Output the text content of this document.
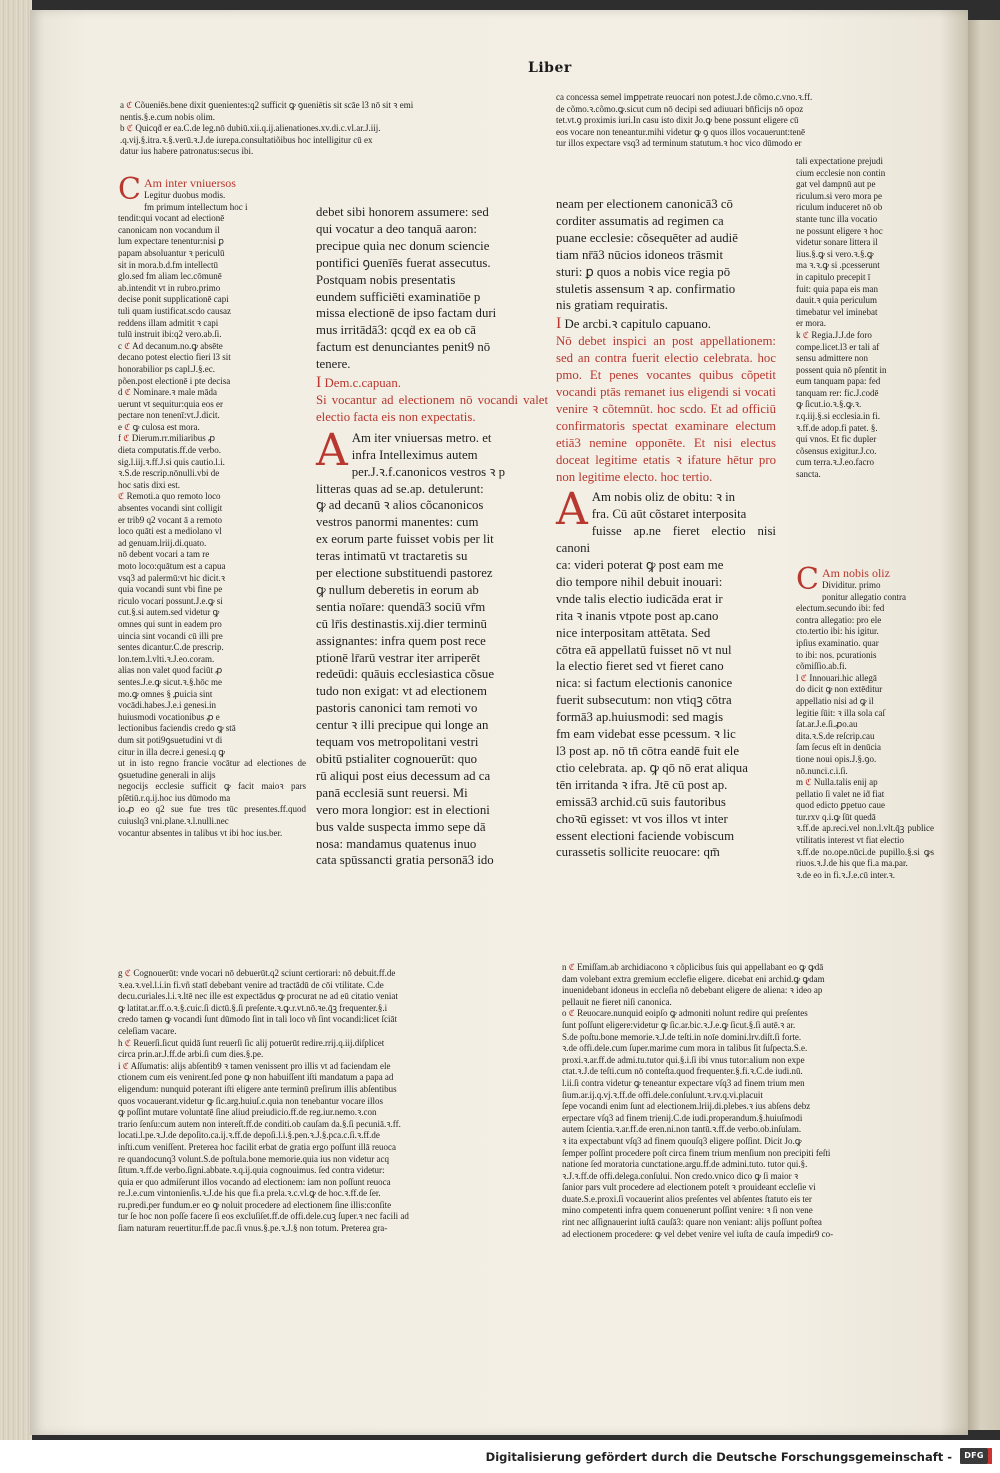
Liber

a ℭ Cõueniēs.bene dixit ꝯuenientes:q2 sufficit ꝙ ꝯueniētis sit scāe l3 nō sit ꝛ emi

nentis.§.e.cum nobis olim.

b ℭ Quicqḋ er ea.C.de leg.nō dubiū.xii.q.ij.alienationes.xv.di.c.vl.ar.J.iij.

.q.vij.§.itra.ꝛ.§.verū.ꝛ.J.de iurepa.consultatiõibus hoc intelligitur cū ex

datur ius habere patronatus:secus ibi.

ca concessa semel imꝑpetrate reuocari non potest.J.de cõmo.c.vno.ꝛ.ff.

de cõmo.ꝛ.cõmo.ꝙ.sicut cum nō decipi sed adiuuari bn̄ficijs nō opoz

tet.vt.ꝯ proximis iuri.In casu isto dixit Jo.ꝙ bene possunt eligere cū

eos vocare non teneantur.mihi videtur ꝙ ꝯ quos illos vocauerunt:tenē

tur illos expectare vsq3 ad terminum statutum.ꝛ hoc vico dūmodo er

C Am inter vniuersos

Legitur duobus modis.

fm primum intellectum hoc i

tendit:qui vocant ad electionē

canonicam non vocandum il

lum expectare tenentur:nisi ꝑ

papam absoluantur ꝛ periculū

sit in mora.b.d.fm intellectū

glo.sed fm aliam lec.cōmunē

ab.intendit vt in rubro.primo

decise ponit supplicationē capi

tuli quam iustificat.scdo causaz

reddens illam admitit ꝛ capi

tulū instruit ibi:q2 vero.ab.ſi.

c ℭ Ad decanum.no.ꝙ absēte

decano potest electio fieri l3 sit

honorabilior ps capl.J.§.ec.

põen.post electionē i pte decisa

d ℭ Nominare.ꝛ male māda

uerunt vt sequitur:quia eos er

pectare non tenenī:vt.J.dicit.

e ℭ ꝙ culosa est mora.

f ℭ Dierum.rr.miliaribus ꝓ

dieta computatis.ff.de verbo.

sig.l.iij.ꝛ.ff.J.si quis cautio.l.i.

ꝛ.S.de rescrip.nōnulli.vbi de

hoc satis dixi est.

ℭ Remoti.a quo remoto loco

absentes vocandi sint colligit

er trib9 q2 vocant ā a remoto

loco quāti est a mediolano vl

ad genuam.lriij.di.quato.

nō debent vocari a tam re

moto loco:quātum est a capua

vsq3 ad palermū:vt hic dicit.ꝛ

quia vocandi sunt vbi fine pe

riculo vocari possunt.J.e.ꝙ si

cut.§.si autem.sed videtur ꝙ

omnes qui sunt in eadem pro

uincia sint vocandi cū illi pre

sentes dicantur.C.de prescrip.

lon.tem.l.vlti.ꝛ.J.eo.coram.

alias non valet quod faciūt ꝓ

sentes.J.e.ꝙ sicut.ꝛ.§.hōc me

mo.ꝙ omnes § ꝓuicia sint

vocādi.habes.J.e.i genesi.in

huiusmodi vocationibus ꝓ e

lectionibus faciendis credo ꝙ stā

dum sit poti9ꝯsuetudini vt di

citur in illa decre.i genesi.q ꝙ

ut in isto regno francie vocātur ad electiones de ꝯsuetudine generali in alijs

negocijs ecclesie sufficit ꝙ facit maioꝛ pars pſētiū.r.q.ij.hoc ius dūmodo ma

io.ꝓ eo q2 sue fue tres tūc presentes.ff.quod cuiuslq3 vni.plane.ꝛ.l.nulli.nec

vocantur absentes in talibus vt ibi hoc ius.ber.

debet sibi honorem assumere: sed

qui vocatur a deo tanquā aaron:

precipue quia nec donum sciencie

pontifici ꝯuenīēs fuerat assecutus.

Postquam nobis presentatis

eundem sufficiēti examinatiōe p

missa electionē de ipso factam duri

mus irritādā3: qcqḋ ex ea ob cā

factum est denunciantes penit9 nō

tenere.

I Dem.c.capuan.

Si vocantur ad electionem nō vocandi valet electio facta eis non expectatis.

A Am iter vniuersas metro. et

infra Intelleximus autem

per.J.ꝛ.f.canonicos vestros ꝛ p

litteras quas ad se.ap. detulerunt:

ꝙ ad decanū ꝛ alios cõcanonicos

vestros panormi manentes: cum

ex eorum parte fuisset vobis per lit

teras intimatū vt tractaretis su

per electione substituendi pastorez

ꝙ nullum deberetis in eorum ab

sentia noīare: quendā3 sociū vr̄m

cū lr̄is destinastis.xij.dier terminū

assignantes: infra quem post rece

ptionē lr̄arū vestrar iter arriperēt

redeūdi: quāuis ecclesiastica cõsue

tudo non exigat: vt ad electionem

pastoris canonici tam remoti vo

centur ꝛ illi precipue qui longe an

tequam vos metropolitani vestri

obitū pstialiter cognouerūt: quo

rū aliqui post eius decessum ad ca

panā ecclesiā sunt reuersi. Mi

vero mora longior: est in electioni

bus valde suspecta immo sepe dā

nosa: mandamus quatenus inuo

cata spūssancti gratia personā3 ido

neam per electionem canonicā3 cō

corditer assumatis ad regimen ca

puane ecclesie: cõsequēter ad audiē

tiam nr̄ā3 nūcios idoneos trāsmit

sturi: ꝑ quos a nobis vice regia pō

stuletis assensum ꝛ ap. confirmatio

nis gratiam requiratis.

I De arcbi.ꝛ capitulo capuano.

Nō debet inspici an post appellationem: sed an contra fuerit electio celebrata. hoc pmo. Et penes vocantes quibus cõpetit vocandi ptās remanet ius eligendi si vocati venire ꝛ cõtemnūt. hoc scdo. Et ad officiū confirmatoris spectat examinare electum etiā3 nemine opponēte. Et nisi electus doceat legitime etatis ꝛ ifature hētur pro non legitime electo. hoc tertio.

A Am nobis oliz de obitu: ꝛ in

fra. Cū aūt cõstaret interposita

fuisse ap.ne fieret electio nisi canoni

ca: videri poterat ꝙ post eam me

dio tempore nihil debuit inouari:

vnde talis electio iudicāda erat ir

rita ꝛ inanis vtpote post ap.cano

nice interpositam attētata. Sed

cōtra eā appellatū fuisset nō vt nul

la electio fieret sed vt fieret cano

nica: si factum electionis canonice

fuerit subsecutum: non vtiqꝫ cōtra

formā3 ap.huiusmodi: sed magis

fm eam videbat esse pcessum. ꝛ lic

l3 post ap. nō tn̄ cōtra eandē fuit ele

ctio celebrata. ap. ꝙ qō nō erat aliqua

tēn irritanda ꝛ ifra. Jtē cū post ap.

emissā3 archid.cū suis fautoribus

choꝛū egisset: vt vos illos vt inter

essent electioni faciende vobiscum

curassetis sollicite reuocare: qm̄

tali expectatione prejudi

cium ecclesie non contin

gat vel dampnū aut pe

riculum.si vero mora pe

riculum induceret nō ob

stante tunc illa vocatio

ne possunt eligere ꝛ hoc

videtur sonare littera il

lius.§.ꝙ si vero.ꝛ.§.ꝙ

ma ꝛ.ꝛ.ꝙ si .pcesserunt

in capitulo precepit ī

fuit: quia papa eis man

dauit.ꝛ quia periculum

timebatur vel iminebat

er mora.

k ℭ Regia.J.J.de foro

compe.licet.l3 er tali af

sensu admittere non

possent quia nō pſentit in

eum tanquam papa: fed

tanquam rer: fic.J.codē

ꝙ ſicut.io.ꝛ.§.ꝙ.ꝛ.

r.q.iij.§.si ecclesia.in fi.

ꝛ.ff.de adop.fi patet. §.

qui vnos. Et fic dupler

cõsensus exigitur.J.co.

cum terra.ꝛ.J.eo.facro

sancta.

C Am nobis oliz

Dividitur. primo

ponitur allegatio contra

electum.secundo ibi: fed

contra allegatio: pro ele

cto.tertio ibi: his igitur.

ipſius examinatio. quar

to ibi: nos. pcurationis

cõmiſſio.ab.fi.

l ℭ Innouari.hic allegā

do dicit ꝙ non extēditur

appellatio nisi ad ꝙ il

legitie ſūit: ꝛ illa sola caſ

ſat.ar.J.e.ſi.ꝓo.au

dita.ꝛ.S.de reſcrip.cau

ſam ſecus eſt in denūcia

tione noui opis.J.§.ꝯo.

nō.nunci.c.i.ſi.

m ℭ Nulla.talis enij ap

pellatio ſi valet ne iḋ fiat

quod edicto ꝑpetuo caue

tur.rxv q.i.ꝙ ſūt quedā

ꝛ.ff.de ap.reci.vel non.l.vlt.q̄ꝫ publice vtilitatis interest vt fiat electio

ꝛ.ff.de no.ope.nūci.de pupillo.§.si ꝙs riuos.ꝛ.J.de his que fi.a ma.par.

ꝛ.de eo in fi.ꝛ.J.e.cū inter.ꝛ.

g ℭ Cognouerūt: vnde vocari nō debuerūt.q2 sciunt certiorari: nō debuit.ff.de

ꝛ.ea.ꝛ.vel.l.i.in fi.vñ statī debebant venire ad tractādū de cōi vtilitate. C.de

decu.curiales.l.i.ꝛ.ltē nec ille est expectādus ꝙ procurat ne ad eū citatio veniat

ꝙ latitat.ar.ff.o.ꝛ.§.cuic.ſi dictū.§.ſi preſente.ꝛ.ꝙ.r.vt.nō.ꝛe.q̄ꝫ frequenter.§.i

credo tamen ꝙ vocandi ſunt dūmodo ſint in tali loco vñ ſint vocandi:licet ſciāt

celeſiam vacare.

h ℭ Reuerſi.ſicut quidā ſunt reuerſi ſic alij potuerūt redire.rrij.q.iij.diſplicet

circa prin.ar.J.ff.de arbi.ſi cum dies.§.pe.

i ℭ Aſſumatis: alijs abſentib9 ꝛ tamen venissent pro illis vt ad faciendam ele

ctionem cum eis venirent.ſed pone ꝙ non habuiſſent iſti mandatum a papa ad

eligendum: nunquid poterant iſti eligere ante terminū preſirum illis abſentibus

quos vocauerant.videtur ꝙ ſic.arg.huiuſ.c.quia non tenebantur vocare illos

ꝙ poſſint mutare voluntatē ſine aliud preiudicio.ff.de reg.iur.nemo.ꝛ.con

trario ſenſu:cum autem non intereſt.ff.de conditi.ob cauſam da.§.ſi pecuniā.ꝛ.ff.

locati.l.pe.ꝛ.J.de depoſito.ca.ij.ꝛ.ff.de depoſi.l.i.§.pen.ꝛ.J.§.pca.c.ſi.ꝛ.ff.de

inſti.cum veniſſent. Preterea hoc facilit erbat de gratia ergo poſſunt illā reuoca

re quandocunq3 volunt.S.de poſtula.bone memorie.quia ius non videtur acq

ſitum.ꝛ.ff.de verbo.ſigni.abbate.ꝛ.q.ij.quia cognouimus. ſed contra videtur:

quia er quo admiſerunt illos vocando ad electionem: iam non poſſunt reuoca

re.J.e.cum vintonienſis.ꝛ.J.de his que fi.a prela.ꝛ.c.vl.ꝙ de hoc.ꝛ.ff.de ſer.

ru.predi.per fundum.er eo ꝙ noluit procedere ad electionem ſine illis:conſite

tur ſe hoc non poſſe facere ſi eos excluſiſet.ff.de offi.dele.cuꝫ ſuper.ꝛ nec facili ad

ſiam naturam reuertitur.ff.de pac.ſi vnus.§.pe.ꝛ.J.§ non totum. Preterea gra-

n ℭ Emiſſam.ab archidiacono ꝛ cõplicibus ſuis qui appellabant eo ꝙ ꝙdā

dam volebant extra gremium ecclefie eligere. dicebat eni archid.ꝙ ꝙdam

inuenidebant idoneus in eccleſia nō debebant eligere de aliena: ꝛ ideo ap

pellauit ne fieret niſi canonica.

o ℭ Reuocare.nunquid eoipſo ꝙ admoniti nolunt redire qui preſentes

ſunt poſſunt eligere:videtur ꝙ ſic.ar.bic.ꝛ.J.e.ꝙ ſicut.§.ſi autē.ꝛ ar.

S.de poſtu.bone memorie.ꝛ.J.de teſti.in noīe domini.lrv.diſt.ſi forte.

ꝛ.de offi.dele.cum ſuper.marime cum mora in talibus ſit ſuſpecta.S.e.

proxi.ꝛ.ar.ff.de admi.tu.tutor qui.§.i.ſi ibi vnus tutor:alium non expe

ctat.ꝛ.J.de teſti.cum nō conteſta.quod frequenter.§.fi.ꝛ.C.de iudi.nū.

l.ii.ſi contra videtur ꝙ teneantur expectare vſq3 ad finem trium men

ſium.ar.ij.q.vj.ꝛ.ff.de offi.dele.conſulunt.ꝛ.rv.q.vi.placuit

ſepe vocandi enim ſunt ad electionem.lriij.di.plebes.ꝛ ius abſens debz

erpectare vſq3 ad finem trienij.C.de iudi.properandum.§.huiuſmodi

autem ſcientia.ꝛ.ar.ff.de eren.ni.non tantū.ꝛ.ff.de verbo.ob.inſulam.

ꝛ ita expectabunt vſq3 ad finem quouſq3 eligere poſſint. Dicit Jo.ꝙ

ſemper poſſint procedere poſt circa finem trium menſium non precipiti feſti

natione ſed moratoria cunctatione.argu.ff.de admini.tuto. tutor qui.§.

ꝛ.J.ꝛ.ff.de offi.delega.conſului. Non credo.vnico dico ꝙ ſi maior ꝛ

ſanior pars vult procedere ad electionem poteſt ꝛ prouideant eccleſie vi

duate.S.e.proxi.ſi vocauerint alios preſentes vel abſentes ſtatuto eis ter

mino competenti infra quem conuenerunt poſſint venire: ꝛ ſi non vene

rint nec aſſignauerint iuſtā cauſā3: quare non veniant: alijs poſſunt poſtea

ad electionem procedere: ꝙ vel debet venire vel iuſta de cauſa impedir9 co-

Digitalisierung gefördert durch die Deutsche Forschungsgemeinschaft -	DFG
